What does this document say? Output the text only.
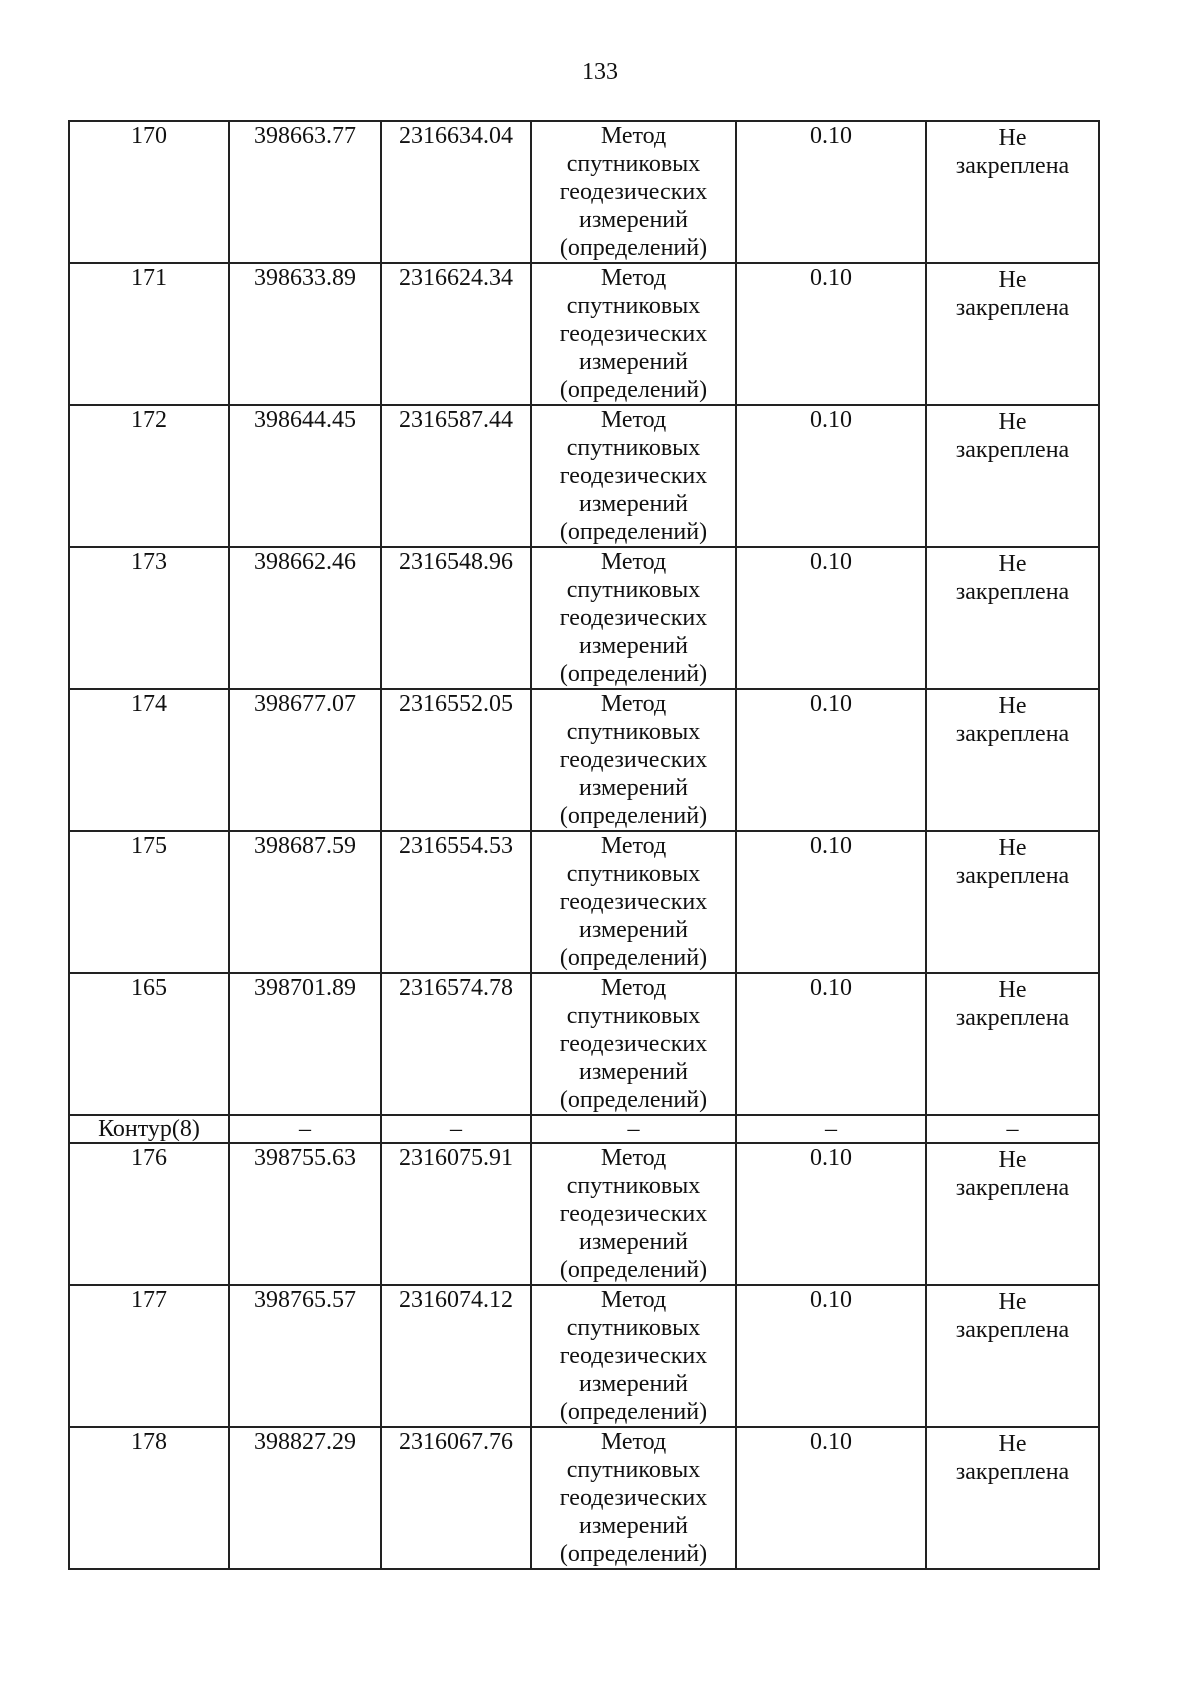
133
170	398663.77	2316634.04	Метод спутниковых геодезических измерений (определений)	0.10	Не закреплена

171	398633.89	2316624.34	Метод спутниковых геодезических измерений (определений)	0.10	Не закреплена

172	398644.45	2316587.44	Метод спутниковых геодезических измерений (определений)	0.10	Не закреплена

173	398662.46	2316548.96	Метод спутниковых геодезических измерений (определений)	0.10	Не закреплена

174	398677.07	2316552.05	Метод спутниковых геодезических измерений (определений)	0.10	Не закреплена

175	398687.59	2316554.53	Метод спутниковых геодезических измерений (определений)	0.10	Не закреплена

165	398701.89	2316574.78	Метод спутниковых геодезических измерений (определений)	0.10	Не закреплена

Контур(8)	–	–	–	–	–

176	398755.63	2316075.91	Метод спутниковых геодезических измерений (определений)	0.10	Не закреплена

177	398765.57	2316074.12	Метод спутниковых геодезических измерений (определений)	0.10	Не закреплена

178	398827.29	2316067.76	Метод спутниковых геодезических измерений (определений)	0.10	Не закреплена
